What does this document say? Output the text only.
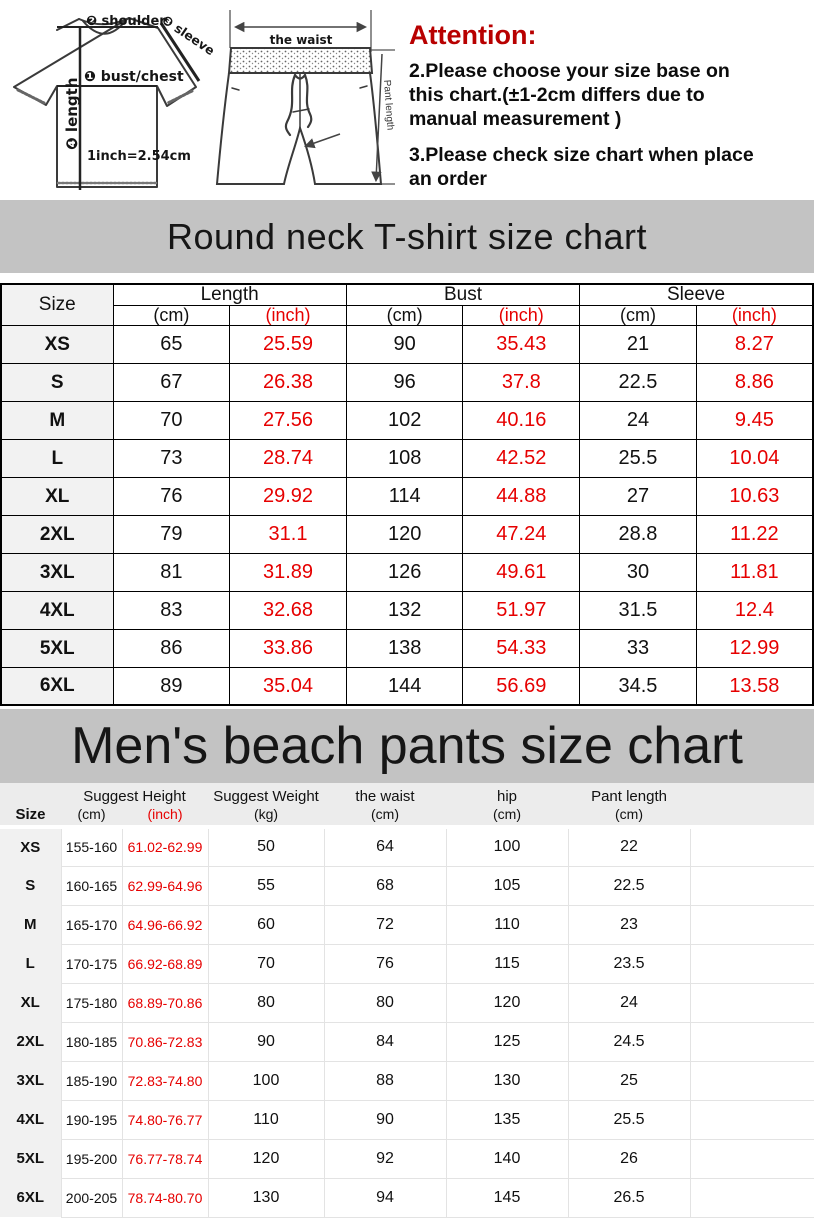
❷ shoulder
❸ sleeve
❶ bust/chest
❹ length
1inch=2.54cm
the waist
Pant length
Attention:
2.Please choose your size base on
this chart.(±1-2cm differs due to
manual measurement )
3.Please check size chart when place
an order
Round neck T-shirt size chart
Size	Length		Bust		Sleeve	
	(cm)	(inch)	(cm)	(inch)	(cm)	(inch)
XS	65	25.59	90	35.43	21	8.27
S	67	26.38	96	37.8	22.5	8.86
M	70	27.56	102	40.16	24	9.45
L	73	28.74	108	42.52	25.5	10.04
XL	76	29.92	114	44.88	27	10.63
2XL	79	31.1	120	47.24	28.8	11.22
3XL	81	31.89	126	49.61	30	11.81
4XL	83	32.68	132	51.97	31.5	12.4
5XL	86	33.86	138	54.33	33	12.99
6XL	89	35.04	144	56.69	34.5	13.58
Men's beach pants size chart
Size	Suggest Height		Suggest Weight	the waist	hip	Pant length	
	(cm)	(inch)	(kg)	(cm)	(cm)	(cm)	
XS	155-160	61.02-62.99	50	64	100	22	
S	160-165	62.99-64.96	55	68	105	22.5	
M	165-170	64.96-66.92	60	72	110	23	
L	170-175	66.92-68.89	70	76	115	23.5	
XL	175-180	68.89-70.86	80	80	120	24	
2XL	180-185	70.86-72.83	90	84	125	24.5	
3XL	185-190	72.83-74.80	100	88	130	25	
4XL	190-195	74.80-76.77	110	90	135	25.5	
5XL	195-200	76.77-78.74	120	92	140	26	
6XL	200-205	78.74-80.70	130	94	145	26.5	
